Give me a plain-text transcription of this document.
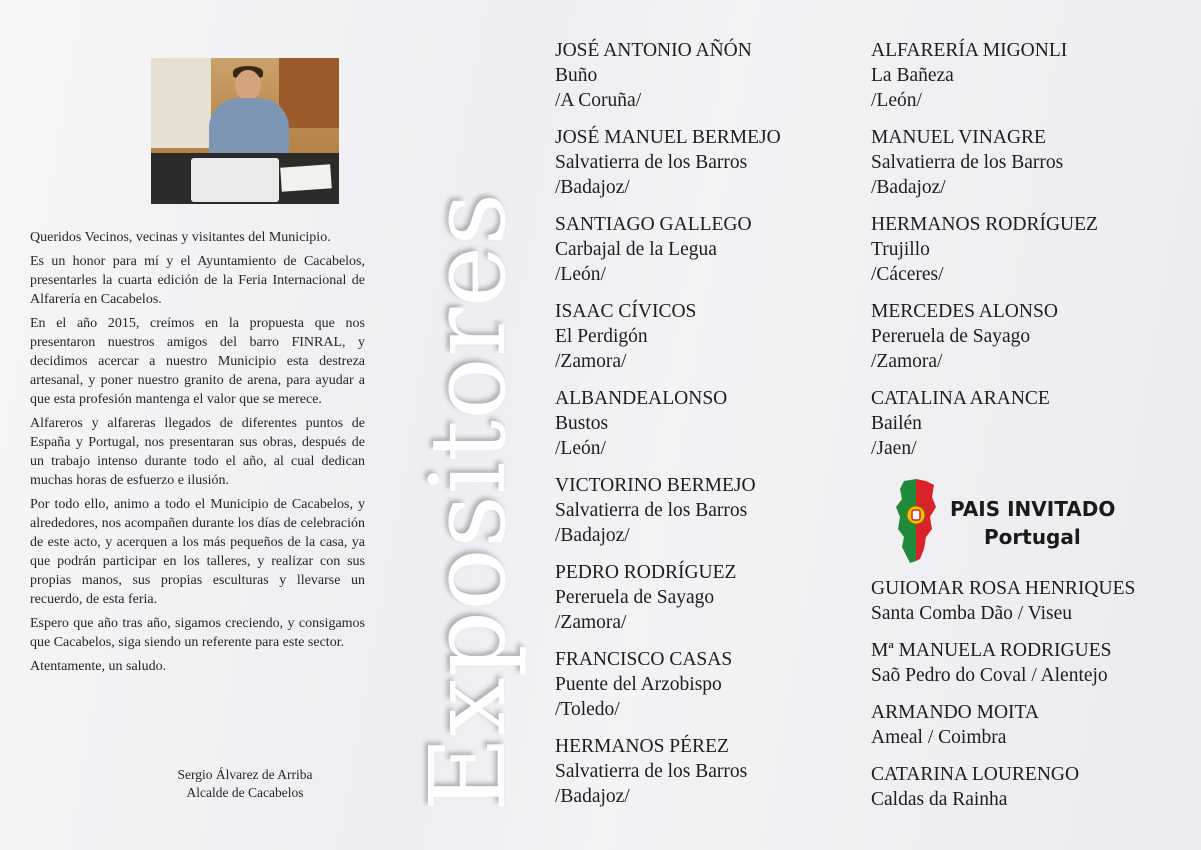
Queridos Vecinos, vecinas y visitantes del Municipio.

Es un honor para mí y el Ayuntamiento de Cacabelos, presentarles la cuarta edición de la Feria Internacional de Alfarería en Cacabelos.

En el año 2015, creímos en la propuesta que nos presentaron nuestros amigos del barro FINRAL, y decidimos acercar a nuestro Municipio esta destreza artesanal, y poner nuestro granito de arena, para ayudar a que esta profesión mantenga el valor que se merece.

Alfareros y alfareras llegados de diferentes puntos de España y Portugal, nos presentaran sus obras, después de un trabajo intenso durante todo el año, al cual dedican muchas horas de esfuerzo e ilusión.

Por todo ello, animo a todo el Municipio de Cacabelos, y alrededores, nos acompañen durante los días de celebración de este acto, y acerquen a los más pequeños de la casa, ya que podrán participar en los talleres, y realizar con sus propias manos, sus propias esculturas y llevarse un recuerdo, de esta feria.

Espero que año tras año, sigamos creciendo, y consigamos que Cacabelos, siga siendo un referente para este sector.

Atentamente, un saludo.

Sergio Álvarez de Arriba
Alcalde de Cacabelos Expositores
JOSÉ ANTONIO AÑÓN
Buño
/A Coruña/
JOSÉ MANUEL BERMEJO
Salvatierra de los Barros
/Badajoz/
SANTIAGO GALLEGO
Carbajal de la Legua
/León/
ISAAC CÍVICOS
El Perdigón
/Zamora/
ALBANDEALONSO
Bustos
/León/
VICTORINO BERMEJO
Salvatierra de los Barros
/Badajoz/
PEDRO RODRÍGUEZ
Pereruela de Sayago
/Zamora/
FRANCISCO CASAS
Puente del Arzobispo
/Toledo/
HERMANOS PÉREZ
Salvatierra de los Barros
/Badajoz/
ALFARERÍA MIGONLI
La Bañeza
/León/
MANUEL VINAGRE
Salvatierra de los Barros
/Badajoz/
HERMANOS RODRÍGUEZ
Trujillo
/Cáceres/
MERCEDES ALONSO
Pereruela de Sayago
/Zamora/
CATALINA ARANCE
Bailén
/Jaen/
PAIS INVITADO
Portugal
GUIOMAR ROSA HENRIQUES
Santa Comba Dão / Viseu
Mª MANUELA RODRIGUES
Saõ Pedro do Coval / Alentejo
ARMANDO MOITA
Ameal / Coimbra
CATARINA LOURENGO
Caldas da Rainha
